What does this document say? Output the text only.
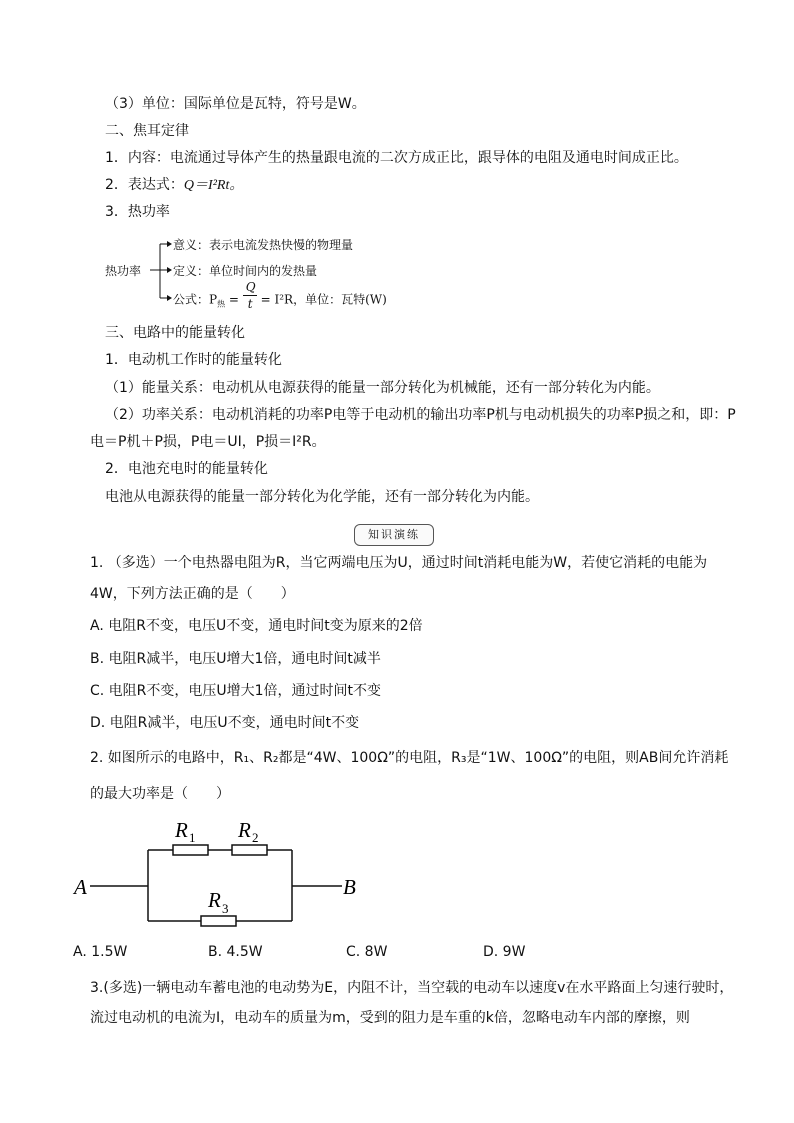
（3）单位：国际单位是瓦特，符号是W。
二、焦耳定律
1．内容：电流通过导体产生的热量跟电流的二次方成正比，跟导体的电阻及通电时间成正比。
2．表达式：Q＝I²Rt。
3．热功率
热功率
意义：表示电流发热快慢的物理量
定义：单位时间内的发热量
公式：$P_热 = \frac{Q}{t} = I^2R$，单位：瓦特(W)
三、电路中的能量转化
1．电动机工作时的能量转化
（1）能量关系：电动机从电源获得的能量一部分转化为机械能，还有一部分转化为内能。
（2）功率关系：电动机消耗的功率P电等于电动机的输出功率P机与电动机损失的功率P损之和，即：P
电＝P机＋P损，P电＝UI，P损＝I²R。
2．电池充电时的能量转化
电池从电源获得的能量一部分转化为化学能，还有一部分转化为内能。
知识演练
1. （多选）一个电热器电阻为R，当它两端电压为U，通过时间t消耗电能为W，若使它消耗的电能为
4W，下列方法正确的是（　　）
A. 电阻R不变，电压U不变，通电时间t变为原来的2倍
B. 电阻R减半，电压U增大1倍，通电时间t减半
C. 电阻R不变，电压U增大1倍，通过时间t不变
D. 电阻R减半，电压U不变，通电时间t不变
2. 如图所示的电路中，R₁、R₂都是“4W、100Ω”的电阻，R₃是“1W、100Ω”的电阻，则AB间允许消耗
的最大功率是（　　）
A	B
R 1 R 2
R 3
A. 1.5W	B. 4.5W	C. 8W	D. 9W
3.(多选)一辆电动车蓄电池的电动势为E，内阻不计，当空载的电动车以速度v在水平路面上匀速行驶时，
流过电动机的电流为I，电动车的质量为m，受到的阻力是车重的k倍，忽略电动车内部的摩擦，则
